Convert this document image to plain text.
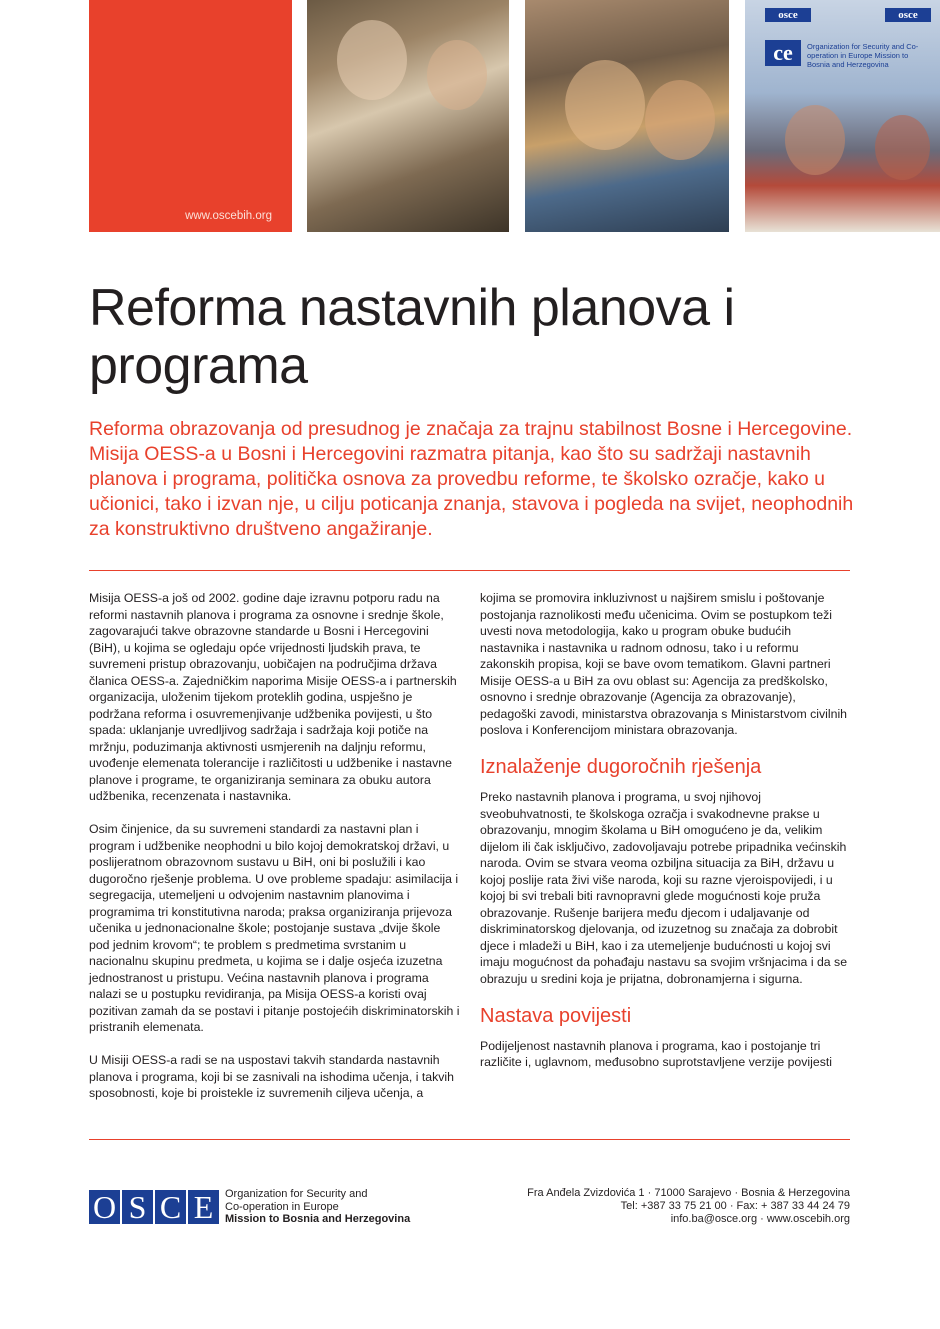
www.oscebih.org
osce	osce
ce	Organization for Security and Co-operation in Europe Mission to Bosnia and Herzegovina
Reforma nastavnih planova i programa

Reforma obrazovanja od presudnog je značaja za trajnu stabilnost Bosne i Hercegovine. Misija OESS-a u Bosni i Hercegovini razmatra pitanja, kao što su sadržaji nastavnih planova i programa, politička osnova za provedbu reforme, te školsko ozračje, kako u učionici, tako i izvan nje, u cilju poticanja znanja, stavova i pogleda na svijet, neophodnih za konstruktivno društveno angažiranje.

Misija OESS-a još od 2002. godine daje izravnu potporu radu na reformi nastavnih planova i programa za osnovne i srednje škole, zagovarajući takve obrazovne standarde u Bosni i Hercegovini (BiH), u kojima se ogledaju opće vrijednosti ljudskih prava, te suvremeni pristup obrazovanju, uobičajen na područjima država članica OESS-a. Zajedničkim naporima Misije OESS-a i partnerskih organizacija, uloženim tijekom proteklih godina, uspješno je podržana reforma i osuvremenjivanje udžbenika povijesti, u što spada: uklanjanje uvredljivog sadržaja i sadržaja koji potiče na mržnju, poduzimanja aktivnosti usmjerenih na daljnju reformu, uvođenje elemenata tolerancije i različitosti u udžbenike i nastavne planove i programe, te organiziranja seminara za obuku autora udžbenika, recenzenata i nastavnika.

Osim činjenice, da su suvremeni standardi za nastavni plan i program i udžbenike neophodni u bilo kojoj demokratskoj državi, u poslijeratnom obrazovnom sustavu u BiH, oni bi poslužili i kao dugoročno rješenje problema. U ove probleme spadaju: asimilacija i segregacija, utemeljeni u odvojenim nastavnim planovima i programima tri konstitutivna naroda; praksa organiziranja prijevoza učenika u jednonacionalne škole; postojanje sustava „dvije škole pod jednim krovom“; te problem s predmetima svrstanim u nacionalnu skupinu predmeta, u kojima se i dalje osjeća izuzetna jednostranost u pristupu. Većina nastavnih planova i programa nalazi se u postupku revidiranja, pa Misija OESS-a koristi ovaj pozitivan zamah da se postavi i pitanje postojećih diskriminatorskih i pristranih elemenata.

U Misiji OESS-a radi se na uspostavi takvih standarda nastavnih planova i programa, koji bi se zasnivali na ishodima učenja, i takvih sposobnosti, koje bi proistekle iz suvremenih ciljeva učenja, a

kojima se promovira inkluzivnost u najširem smislu i poštovanje postojanja raznolikosti među učenicima. Ovim se postupkom teži uvesti nova metodologija, kako u program obuke budućih nastavnika i nastavnika u radnom odnosu, tako i u reformu zakonskih propisa, koji se bave ovom tematikom. Glavni partneri Misije OESS-a u BiH za ovu oblast su: Agencija za predškolsko, osnovno i srednje obrazovanje (Agencija za obrazovanje), pedagoški zavodi, ministarstva obrazovanja s Ministarstvom civilnih poslova i Konferencijom ministara obrazovanja.

Iznalaženje dugoročnih rješenja

Preko nastavnih planova i programa, u svoj njihovoj sveobuhvatnosti, te školskoga ozračja i svakodnevne prakse u obrazovanju, mnogim školama u BiH omogućeno je da, velikim dijelom ili čak isključivo, zadovoljavaju potrebe pripadnika većinskih naroda. Ovim se stvara veoma ozbiljna situacija za BiH, državu u kojoj poslije rata živi više naroda, koji su razne vjeroispovijedi, i u kojoj bi svi trebali biti ravnopravni glede mogućnosti koje pruža obrazovanje. Rušenje barijera među djecom i udaljavanje od diskriminatorskog djelovanja, od izuzetnog su značaja za dobrobit djece i mladeži u BiH, kao i za utemeljenje budućnosti u kojoj svi imaju mogućnost da pohađaju nastavu sa svojim vršnjacima i da se obrazuju u sredini koja je prijatna, dobronamjerna i sigurna.

Nastava povijesti

Podijeljenost nastavnih planova i programa, kao i postojanje tri različite i, uglavnom, međusobno suprotstavljene verzije povijesti

O S C E	Organization for Security and
Co-operation in Europe
Mission to Bosnia and Herzegovina
Fra Anđela Zvizdovića 1 · 71000 Sarajevo · Bosnia & Herzegovina
Tel: +387 33 75 21 00 · Fax: + 387 33 44 24 79
info.ba@osce.org · www.oscebih.org
